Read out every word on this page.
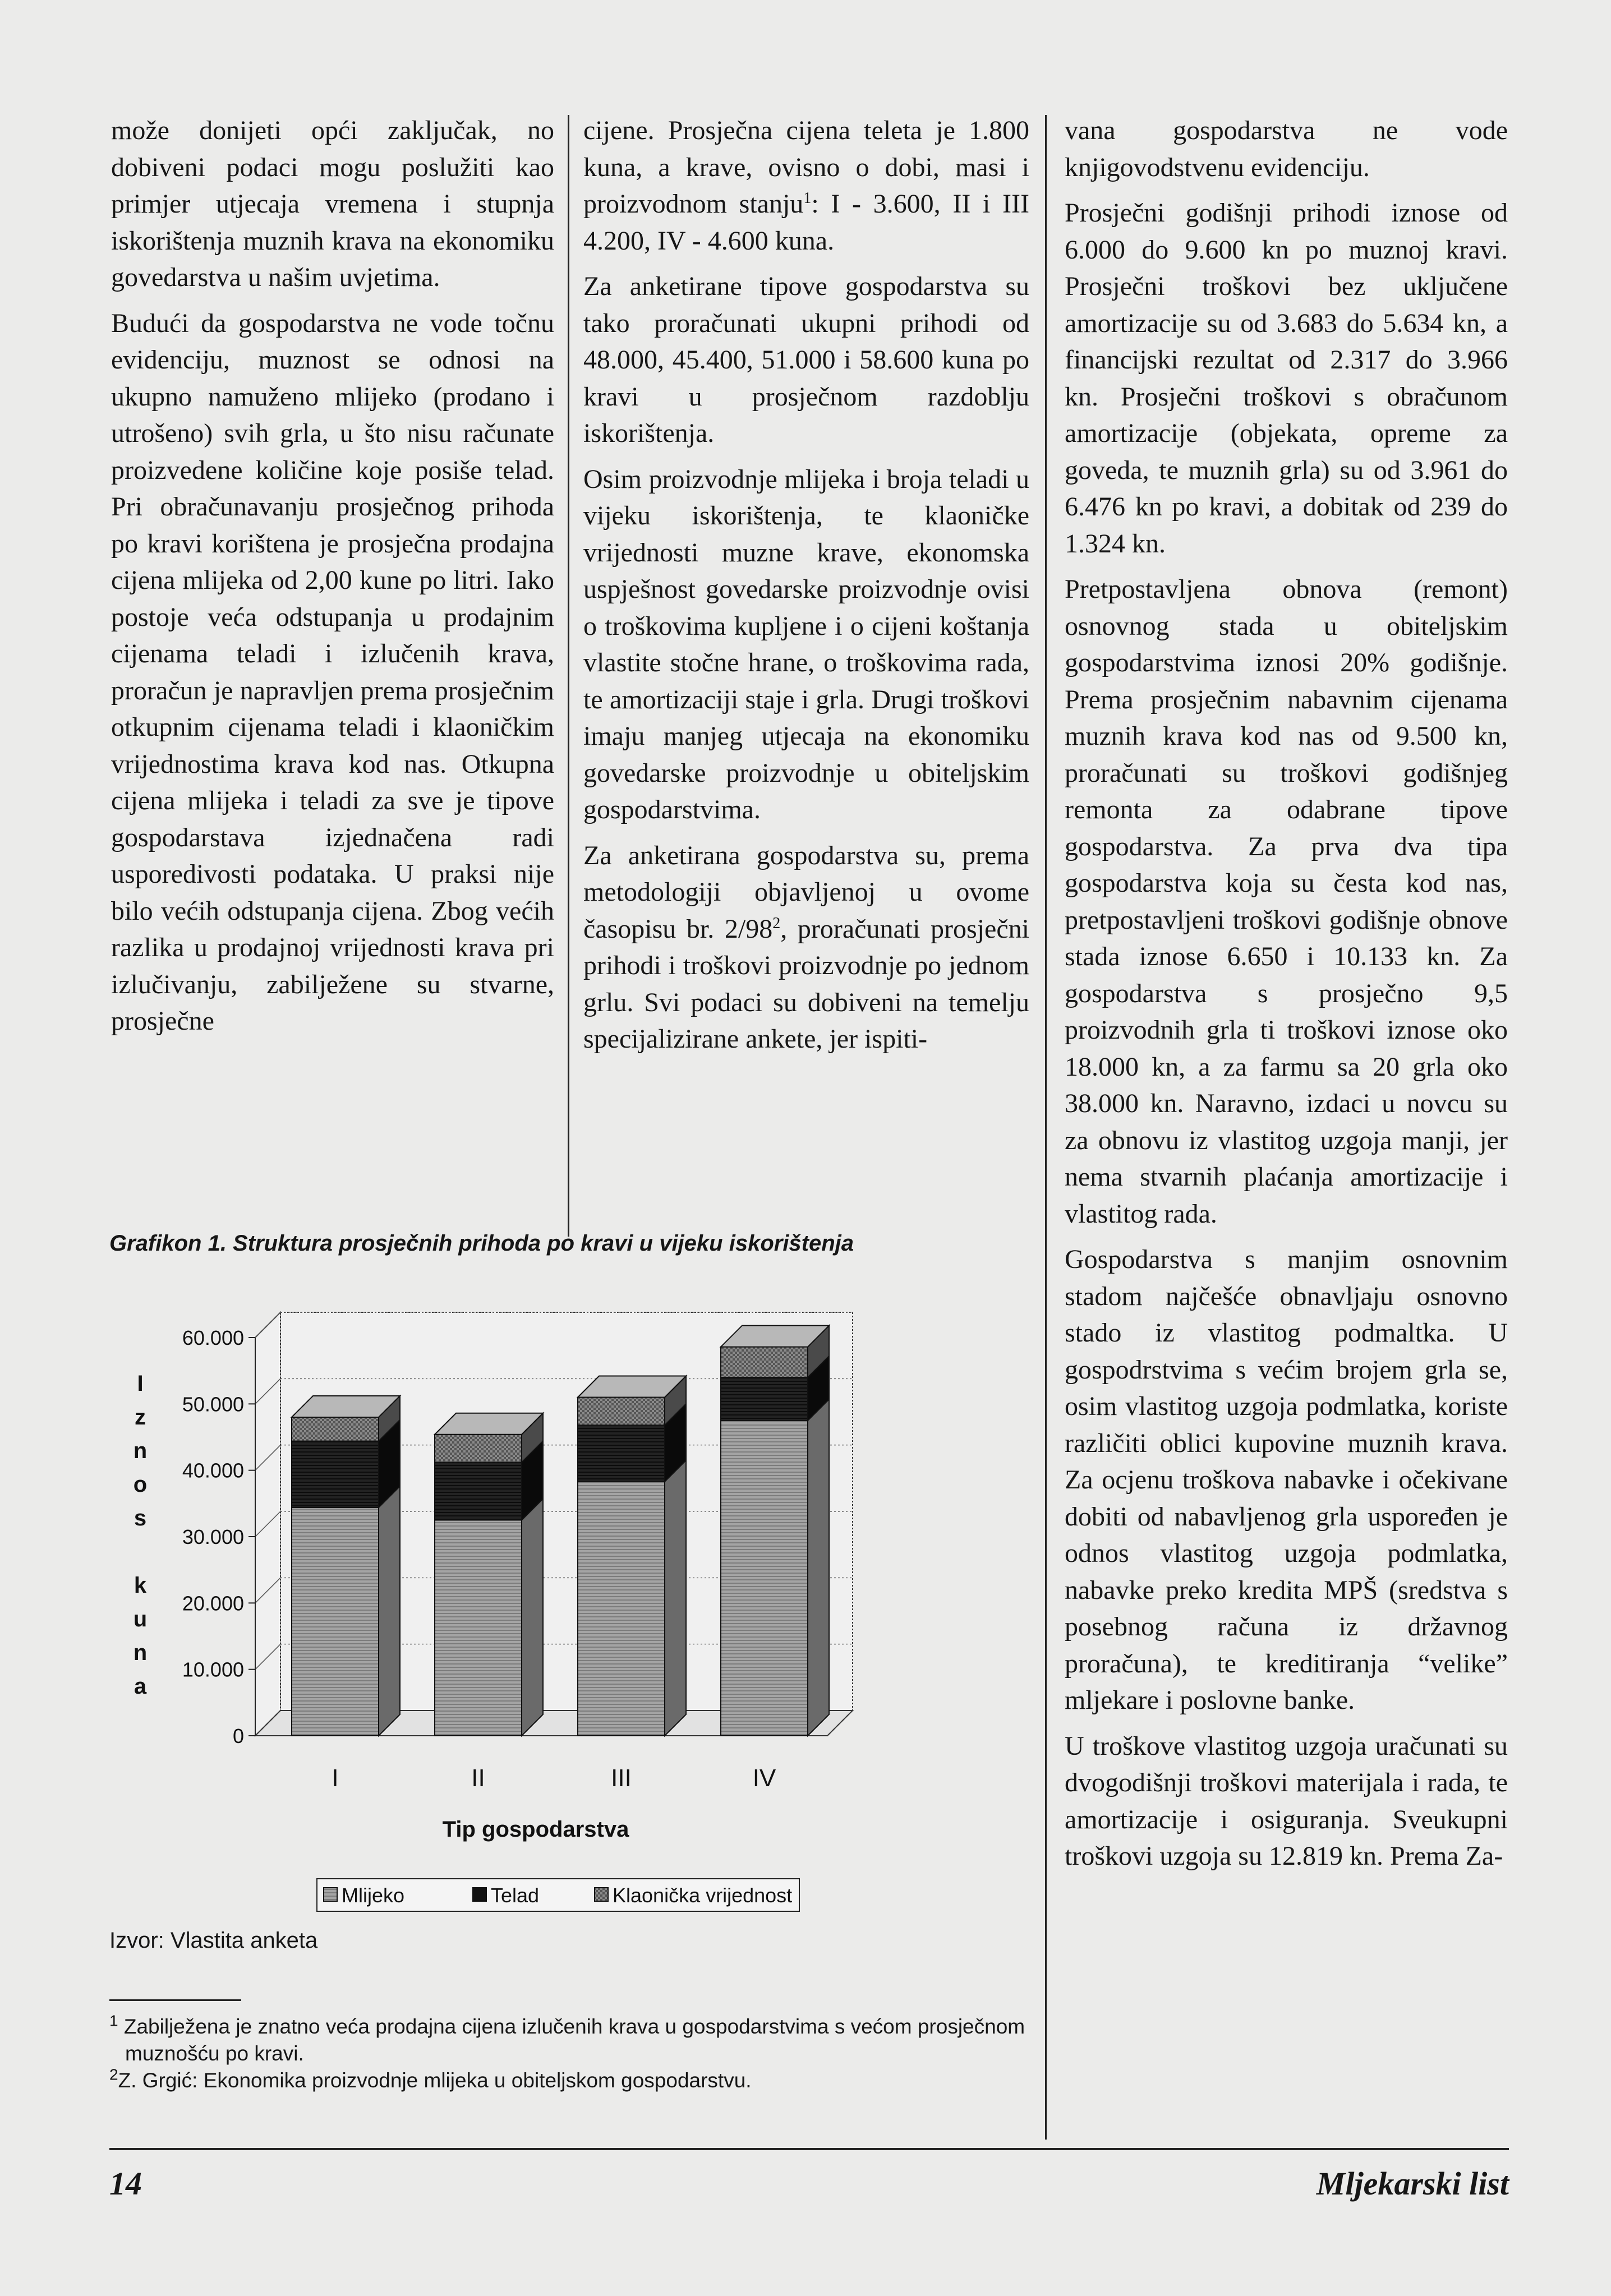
može donijeti opći zaključak, no dobiveni podaci mogu poslužiti kao primjer utjecaja vremena i stupnja iskorištenja muznih krava na ekonomiku govedarstva u našim uvjetima.

Budući da gospodarstva ne vode točnu evidenciju, muznost se odnosi na ukupno namuženo mlijeko (prodano i utrošeno) svih grla, u što nisu računate proizvedene količine koje posiše telad. Pri obračunavanju prosječnog prihoda po kravi korištena je prosječna prodajna cijena mlijeka od 2,00 kune po litri. Iako postoje veća odstupanja u prodajnim cijenama teladi i izlučenih krava, proračun je napravljen prema prosječnim otkupnim cijenama teladi i klaoničkim vrijednostima krava kod nas. Otkupna cijena mlijeka i teladi za sve je tipove gospodarstava izjednačena radi usporedivosti podataka. U praksi nije bilo većih odstupanja cijena. Zbog većih razlika u prodajnoj vrijednosti krava pri izlučivanju, zabilježene su stvarne, prosječne

cijene. Prosječna cijena teleta je 1.800 kuna, a krave, ovisno o dobi, masi i proizvodnom stanju$^1$: I - 3.600, II i III 4.200, IV - 4.600 kuna.

Za anketirane tipove gospodarstva su tako proračunati ukupni prihodi od 48.000, 45.400, 51.000 i 58.600 kuna po kravi u prosječnom razdoblju iskorištenja.

Osim proizvodnje mlijeka i broja teladi u vijeku iskorištenja, te klaoničke vrijednosti muzne krave, ekonomska uspješnost govedarske proizvodnje ovisi o troškovima kupljene i o cijeni koštanja vlastite stočne hrane, o troškovima rada, te amortizaciji staje i grla. Drugi troškovi imaju manjeg utjecaja na ekonomiku govedarske proizvodnje u obiteljskim gospodarstvima.

Za anketirana gospodarstva su, prema metodologiji objavljenoj u ovome časopisu br. $2/98^2$, proračunati prosječni prihodi i troškovi proizvodnje po jednom grlu. Svi podaci su dobiveni na temelju specijalizirane ankete, jer ispiti-

vana gospodarstva ne vode knjigovodstvenu evidenciju.

Prosječni godišnji prihodi iznose od 6.000 do 9.600 kn po muznoj kravi. Prosječni troškovi bez uključene amortizacije su od 3.683 do 5.634 kn, a financijski rezultat od 2.317 do 3.966 kn. Prosječni troškovi s obračunom amortizacije (objekata, opreme za goveda, te muznih grla) su od 3.961 do 6.476 kn po kravi, a dobitak od 239 do 1.324 kn.

Pretpostavljena obnova (remont) osnovnog stada u obiteljskim gospodarstvima iznosi 20% godišnje. Prema prosječnim nabavnim cijenama muznih krava kod nas od 9.500 kn, proračunati su troškovi godišnjeg remonta za odabrane tipove gospodarstva. Za prva dva tipa gospodarstva koja su česta kod nas, pretpostavljeni troškovi godišnje obnove stada iznose 6.650 i 10.133 kn. Za gospodarstva s prosječno 9,5 proizvodnih grla ti troškovi iznose oko 18.000 kn, a za farmu sa 20 grla oko 38.000 kn. Naravno, izdaci u novcu su za obnovu iz vlastitog uzgoja manji, jer nema stvarnih plaćanja amortizacije i vlastitog rada.

Gospodarstva s manjim osnovnim stadom najčešće obnavljaju osnovno stado iz vlastitog podmaltka. U gospodrstvima s većim brojem grla se, osim vlastitog uzgoja podmlatka, koriste različiti oblici kupovine muznih krava. Za ocjenu troškova nabavke i očekivane dobiti od nabavljenog grla uspoređen je odnos vlastitog uzgoja podmlatka, nabavke preko kredita MPŠ (sredstva s posebnog računa iz državnog proračuna), te kreditiranja “velike” mljekare i poslovne banke.

U troškove vlastitog uzgoja uračunati su dvogodišnji troškovi materijala i rada, te amortizacije i osiguranja. Sveukupni troškovi uzgoja su 12.819 kn. Prema Za-

Grafikon 1. Struktura prosječnih prihoda po kravi u vijeku iskorištenja
0
10.000
20.000
30.000
40.000
50.000
60.000
I
z
n
o
s
k
u
n
a
I	II	III	IV
Tip gospodarstva
Mlijeko	Telad	Klaonička vrijednost
Izvor: Vlastita anketa

$^1$ Zabilježena je znatno veća prodajna cijena izlučenih krava u gospodarstvima s većom prosječnom muznošću po kravi.

$^2$Z. Grgić: Ekonomika proizvodnje mlijeka u obiteljskom gospodarstvu.

14	Mljekarski list
